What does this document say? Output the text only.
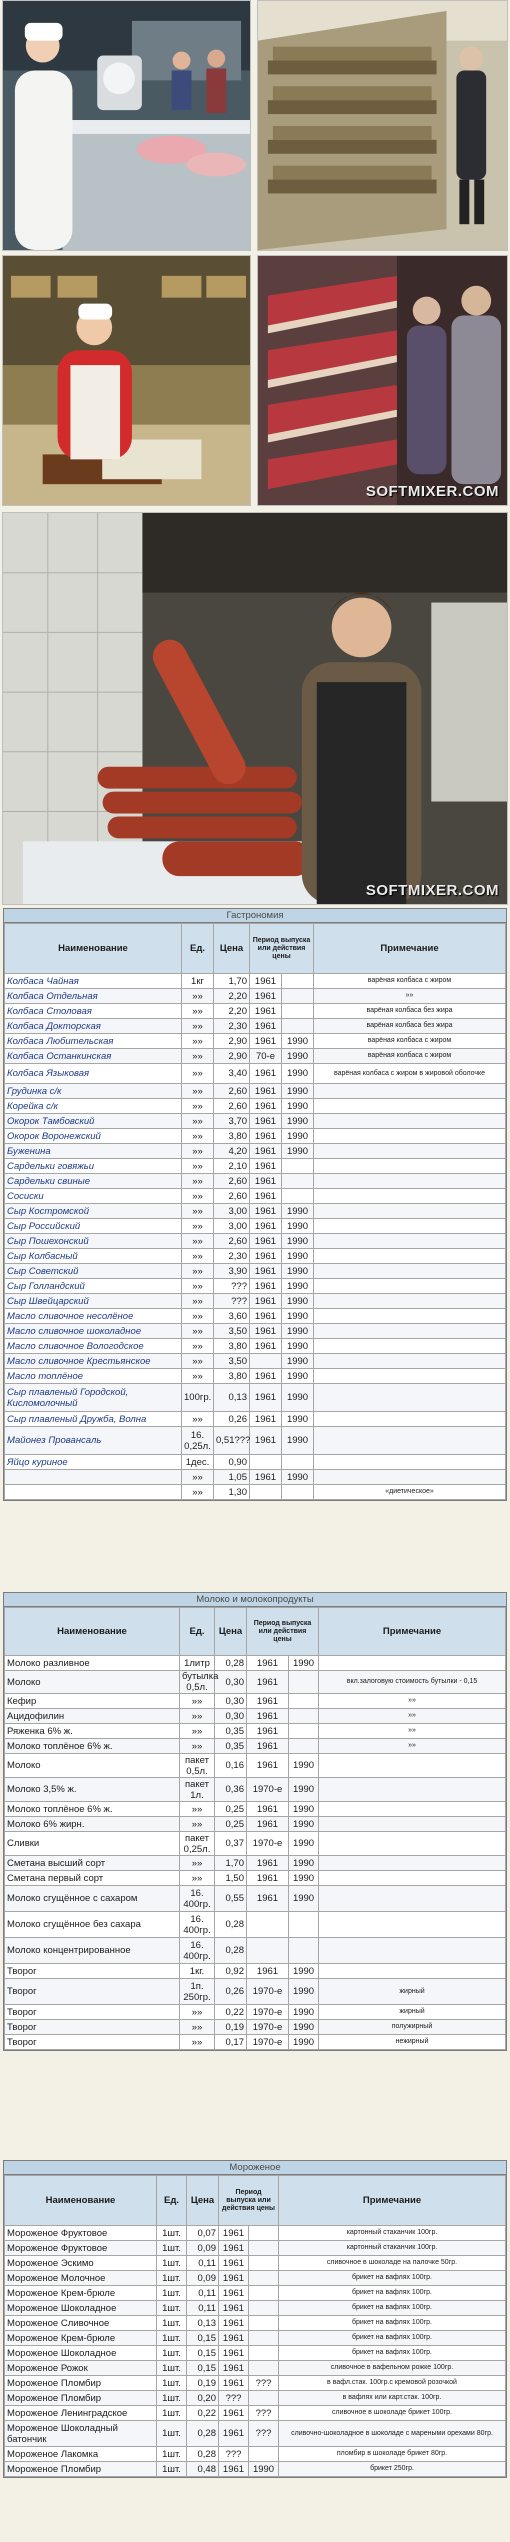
SOFTMIXER.COM
SOFTMIXER.COM
Гастрономия
Наименование	Ед.	Цена	Период выпуска или действия цены		Примечание
Колбаса Чайная	1кг	1,70	1961		варёная колбаса с жиром
Колбаса Отдельная	»»	2,20	1961		»»
Колбаса Столовая	»»	2,20	1961		варёная колбаса без жира
Колбаса Докторская	»»	2,30	1961		варёная колбаса без жира
Колбаса Любительская	»»	2,90	1961	1990	варёная колбаса с жиром
Колбаса Останкинская	»»	2,90	70-е	1990	варёная колбаса с жиром
Колбаса Языковая	»»	3,40	1961	1990	варёная колбаса с жиром в жировой оболочке
Грудинка с/к	»»	2,60	1961	1990	
Корейка с/к	»»	2,60	1961	1990	
Окорок Тамбовский	»»	3,70	1961	1990	
Окорок Воронежский	»»	3,80	1961	1990	
Буженина	»»	4,20	1961	1990	
Сардельки говяжьи	»»	2,10	1961		
Сардельки свиные	»»	2,60	1961		
Сосиски	»»	2,60	1961		
Сыр Костромской	»»	3,00	1961	1990	
Сыр Российский	»»	3,00	1961	1990	
Сыр Пошехонский	»»	2,60	1961	1990	
Сыр Колбасный	»»	2,30	1961	1990	
Сыр Советский	»»	3,90	1961	1990	
Сыр Голландский	»»	???	1961	1990	
Сыр Швейцарский	»»	???	1961	1990	
Масло сливочное несолёное	»»	3,60	1961	1990	
Масло сливочное шоколадное	»»	3,50	1961	1990	
Масло сливочное Вологодское	»»	3,80	1961	1990	
Масло сливочное Крестьянское	»»	3,50		1990	
Масло топлёное	»»	3,80	1961	1990	
Сыр плавленый Городской, Кисломолочный	100гр.	0,13	1961	1990	
Сыр плавленый Дружба, Волна	»»	0,26	1961	1990	
Майонез Провансаль	16. 0,25л.	0,51???	1961	1990	
Яйцо куриное	1дес.	0,90			
	»»	1,05	1961	1990	
	»»	1,30			«диетическое»
Молоко и молокопродукты
Наименование	Ед.	Цена	Период выпуска или действия цены		Примечание
Молоко разливное	1литр	0,28	1961	1990	
Молоко	бутылка 0,5л.	0,30	1961		вкл.залоговую стоимость бутылки - 0,15
Кефир	»»	0,30	1961		»»
Ацидофилин	»»	0,30	1961		»»
Ряженка 6% ж.	»»	0,35	1961		»»
Молоко топлёное 6% ж.	»»	0,35	1961		»»
Молоко	пакет 0,5л.	0,16	1961	1990	
Молоко 3,5% ж.	пакет 1л.	0,36	1970-е	1990	
Молоко топлёное 6% ж.	»»	0,25	1961	1990	
Молоко 6% жирн.	»»	0,25	1961	1990	
Сливки	пакет 0,25л.	0,37	1970-е	1990	
Сметана высший сорт	»»	1,70	1961	1990	
Сметана первый сорт	»»	1,50	1961	1990	
Молоко сгущённое с сахаром	16. 400гр.	0,55	1961	1990	
Молоко сгущённое без сахара	16. 400гр.	0,28			
Молоко концентрированное	16. 400гр.	0,28			
Творог	1кг.	0,92	1961	1990	
Творог	1п. 250гр.	0,26	1970-е	1990	жирный
Творог	»»	0,22	1970-е	1990	жирный
Творог	»»	0,19	1970-е	1990	полужирный
Творог	»»	0,17	1970-е	1990	нежирный
Мороженое
Наименование	Ед.	Цена	Период выпуска или действия цены		Примечание
Мороженое Фруктовое	1шт.	0,07	1961		картонный стаканчик 100гр.
Мороженое Фруктовое	1шт.	0,09	1961		картонный стаканчик 100гр.
Мороженое Эскимо	1шт.	0,11	1961		сливочное в шоколаде на палочке 50гр.
Мороженое Молочное	1шт.	0,09	1961		брикет на вафлях 100гр.
Мороженое Крем-брюле	1шт.	0,11	1961		брикет на вафлях 100гр.
Мороженое Шоколадное	1шт.	0,11	1961		брикет на вафлях 100гр.
Мороженое Сливочное	1шт.	0,13	1961		брикет на вафлях 100гр.
Мороженое Крем-брюле	1шт.	0,15	1961		брикет на вафлях 100гр.
Мороженое Шоколадное	1шт.	0,15	1961		брикет на вафлях 100гр.
Мороженое Рожок	1шт.	0,15	1961		сливочное в вафельном рожке 100гр.
Мороженое Пломбир	1шт.	0,19	1961	???	в вафл.стак. 100гр.с кремовой розочкой
Мороженое Пломбир	1шт.	0,20	???		в вафлях или карт.стак. 100гр.
Мороженое Ленинградское	1шт.	0,22	1961	???	сливочное в шоколаде брикет 100гр.
Мороженое Шоколадный батончик	1шт.	0,28	1961	???	сливочно-шоколадное в шоколаде с мареными орехами 80гр.
Мороженое Лакомка	1шт.	0,28	???		пломбир в шоколаде брикет 80гр.
Мороженое Пломбир	1шт.	0,48	1961	1990	брикет 250гр.
